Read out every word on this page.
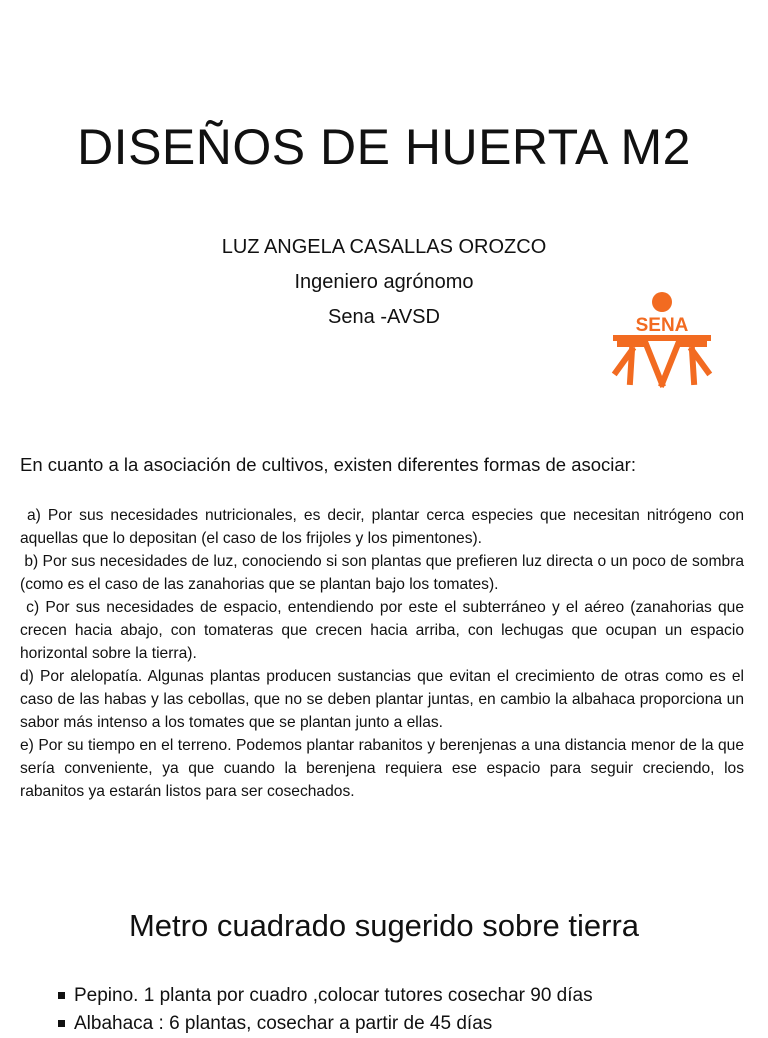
DISEÑOS DE HUERTA M2
LUZ ANGELA CASALLAS OROZCO
Ingeniero agrónomo
Sena -AVSD	SENA
En cuanto a la asociación de cultivos, existen diferentes formas de asociar:

a) Por sus necesidades nutricionales, es decir, plantar cerca especies que necesitan nitrógeno con aquellas que lo depositan (el caso de los frijoles y los pimentones).

b) Por sus necesidades de luz, conociendo si son plantas que prefieren luz directa o un poco de sombra (como es el caso de las zanahorias que se plantan bajo los tomates).

c) Por sus necesidades de espacio, entendiendo por este el subterráneo y el aéreo (zanahorias que crecen hacia abajo, con tomateras que crecen hacia arriba, con lechugas que ocupan un espacio horizontal sobre la tierra).

d) Por alelopatía. Algunas plantas producen sustancias que evitan el crecimiento de otras como es el caso de las habas y las cebollas, que no se deben plantar juntas, en cambio la albahaca proporciona un sabor más intenso a los tomates que se plantan junto a ellas.

e) Por su tiempo en el terreno. Podemos plantar rabanitos y berenjenas a una distancia menor de la que sería conveniente, ya que cuando la berenjena requiera ese espacio para seguir creciendo, los rabanitos ya estarán listos para ser cosechados.

Metro cuadrado sugerido sobre tierra
Pepino. 1 planta por cuadro ,colocar tutores cosechar 90 días
Albahaca : 6 plantas, cosechar a partir de 45 días
